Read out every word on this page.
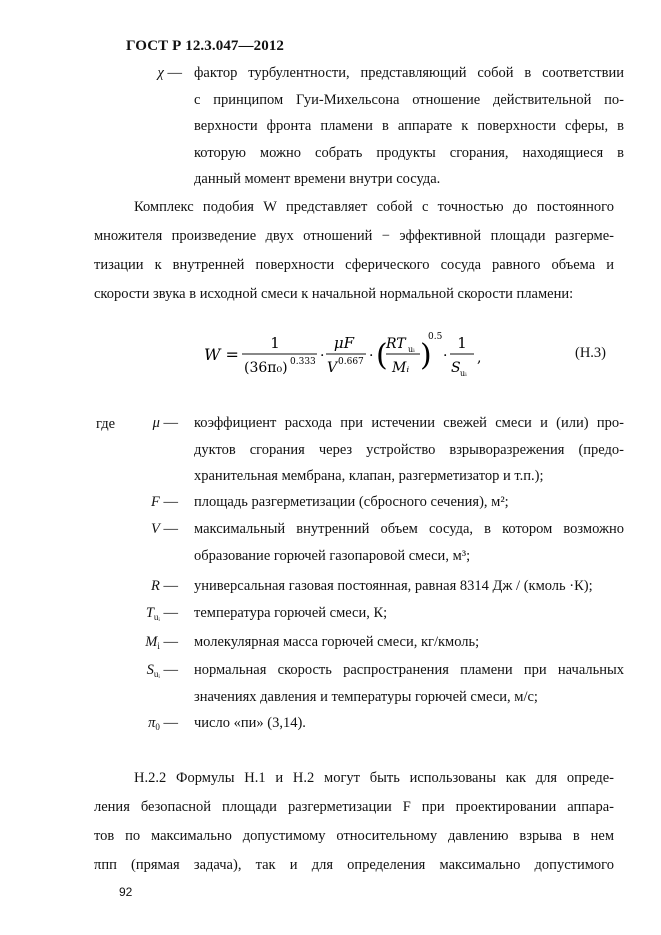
ГОСТ Р 12.3.047—2012
χ — фактор турбулентности, представляющий собой в соответствии
с принципом Гуи-Михельсона отношение действительной по-
верхности фронта пламени в аппарате к поверхности сферы, в
которую можно собрать продукты сгорания, находящиеся в
данный момент времени внутри сосуда.
Комплекс подобия W представляет собой с точностью до постоянного
множителя произведение двух отношений − эффективной площади разгерме-
тизации к внутренней поверхности сферического сосуда равного объема и
скорости звука в исходной смеси к начальной нормальной скорости пламени:
W =
1
(36π₀) 0.333 ·
μF
V 0.667 · (
RT uᵢ
Mᵢ )
0.5
·
1
S uᵢ
,	(Н.3)
где	μ — коэффициент расхода при истечении свежей смеси и (или) про-
дуктов сгорания через устройство взрыворазрежения (предо-
хранительная мембрана, клапан, разгерметизатор и т.п.);
F — площадь разгерметизации (сбросного сечения), м²;
V — максимальный внутренний объем сосуда, в котором возможно
образование горючей газопаровой смеси, м³;
R — универсальная газовая постоянная, равная 8314 Дж / (кмоль ·К);
$T_{uᵢ}$ — температура горючей смеси, К;
$M_i$ — молекулярная масса горючей смеси, кг/кмоль;
$S_{uᵢ}$ — нормальная скорость распространения пламени при начальных
значениях давления и температуры горючей смеси, м/с;
$\pi_0$ — число «пи» (3,14).
Н.2.2 Формулы Н.1 и Н.2 могут быть использованы как для опреде-
ления безопасной площади разгерметизации F при проектировании аппара-
тов по максимально допустимому относительному давлению взрыва в нем
πпп (прямая задача), так и для определения максимально допустимого
92
